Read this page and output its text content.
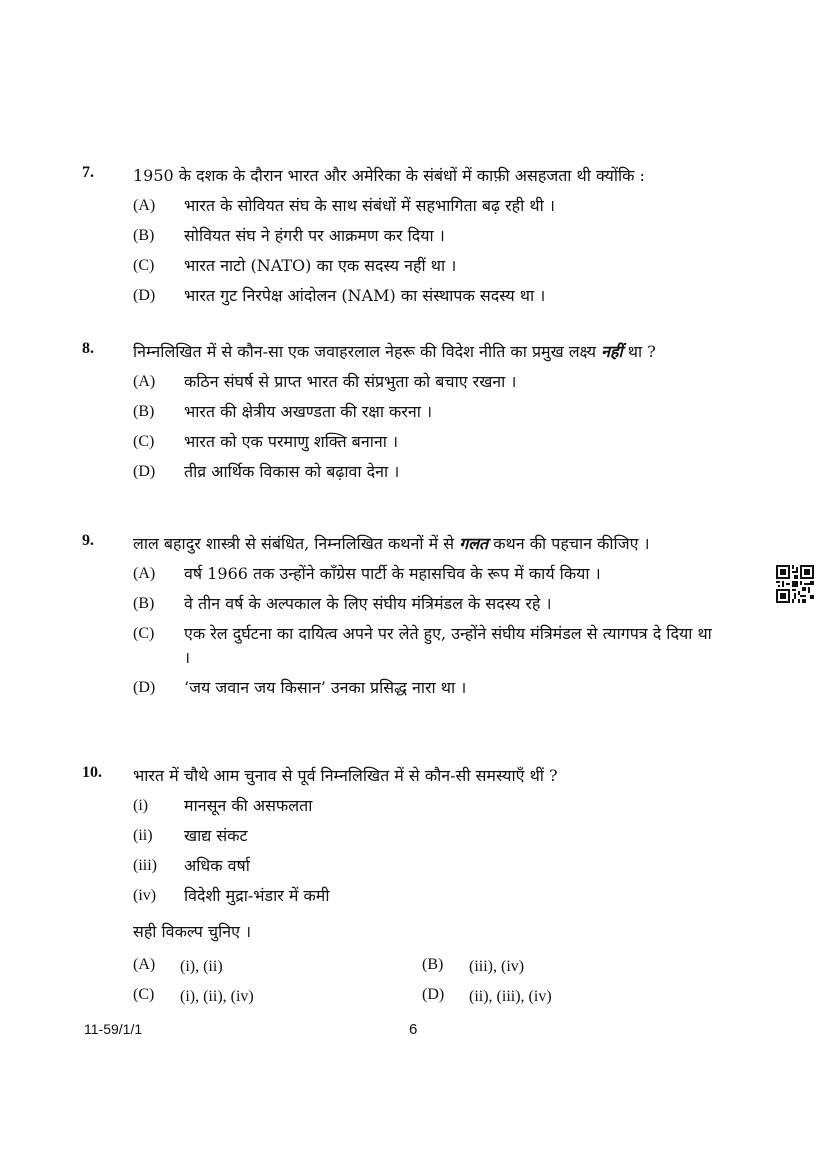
7. 1950 के दशक के दौरान भारत और अमेरिका के संबंधों में काफ़ी असहजता थी क्योंकि :
(A) भारत के सोवियत संघ के साथ संबंधों में सहभागिता बढ़ रही थी ।
(B) सोवियत संघ ने हंगरी पर आक्रमण कर दिया ।
(C) भारत नाटो (NATO) का एक सदस्य नहीं था ।
(D) भारत गुट निरपेक्ष आंदोलन (NAM) का संस्थापक सदस्य था ।
8. निम्नलिखित में से कौन-सा एक जवाहरलाल नेहरू की विदेश नीति का प्रमुख लक्ष्य नहीं था ?
(A) कठिन संघर्ष से प्राप्त भारत की संप्रभुता को बचाए रखना ।
(B) भारत की क्षेत्रीय अखण्डता की रक्षा करना ।
(C) भारत को एक परमाणु शक्ति बनाना ।
(D) तीव्र आर्थिक विकास को बढ़ावा देना ।
9. लाल बहादुर शास्त्री से संबंधित, निम्नलिखित कथनों में से गलत कथन की पहचान कीजिए ।
(A) वर्ष 1966 तक उन्होंने काँग्रेस पार्टी के महासचिव के रूप में कार्य किया ।
(B) वे तीन वर्ष के अल्पकाल के लिए संघीय मंत्रिमंडल के सदस्य रहे ।
(C) एक रेल दुर्घटना का दायित्व अपने पर लेते हुए, उन्होंने संघीय मंत्रिमंडल से त्यागपत्र दे दिया था ।
(D) ‘जय जवान जय किसान’ उनका प्रसिद्ध नारा था ।
10. भारत में चौथे आम चुनाव से पूर्व निम्नलिखित में से कौन-सी समस्याएँ थीं ?
(i) मानसून की असफलता
(ii) खाद्य संकट
(iii) अधिक वर्षा
(iv) विदेशी मुद्रा-भंडार में कमी
सही विकल्प चुनिए ।
(A) (i), (ii)	(B) (iii), (iv)
(C) (i), (ii), (iv)	(D) (ii), (iii), (iv)
11-59/1/1	6
